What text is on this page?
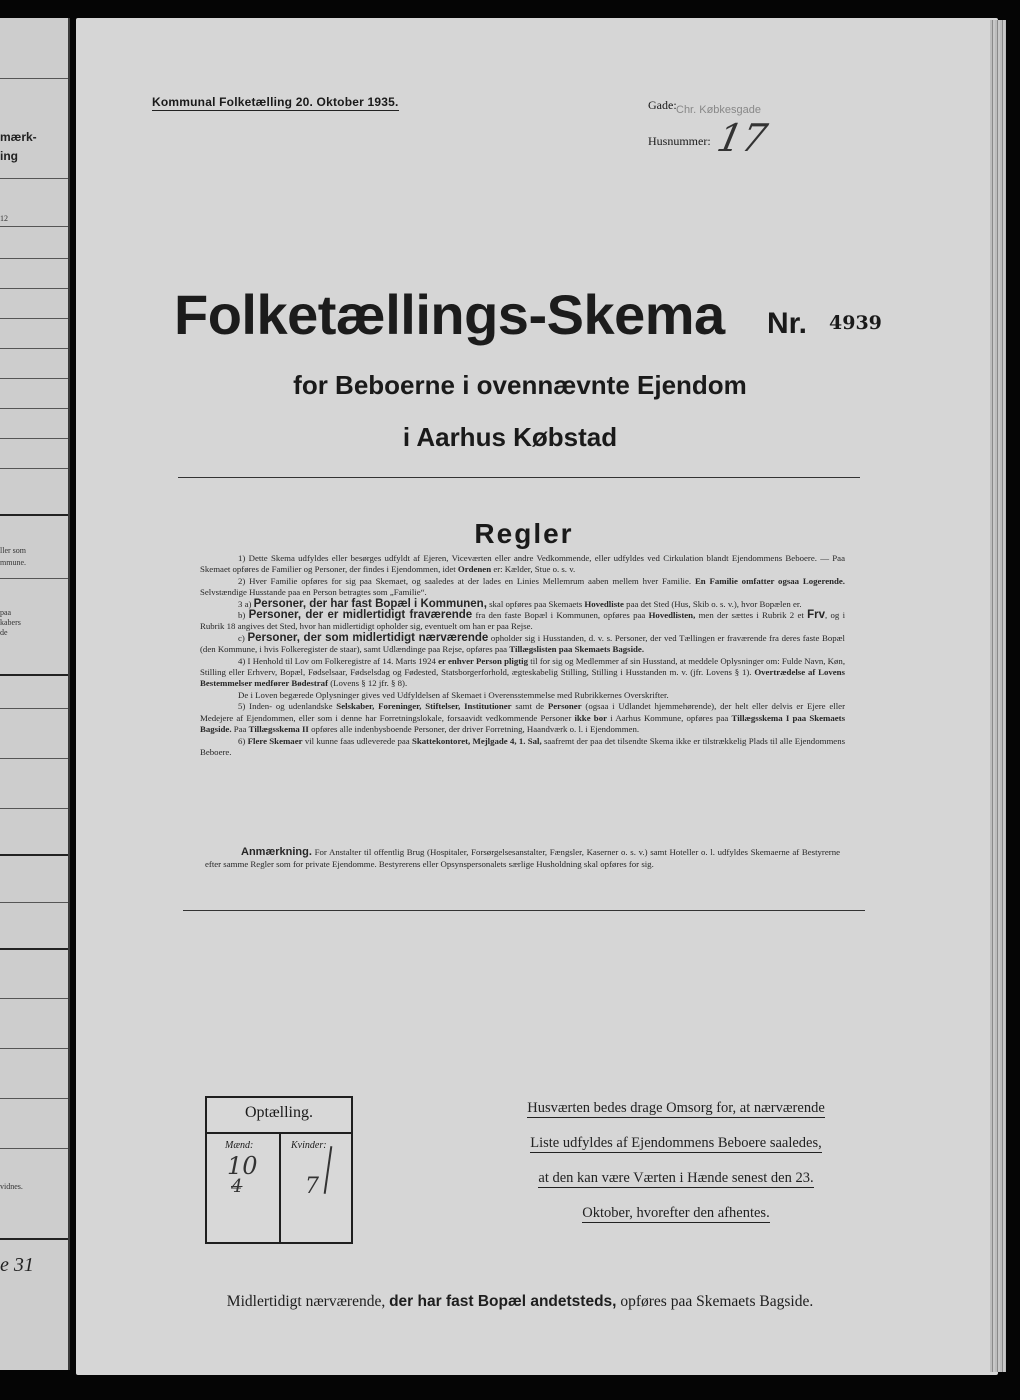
mærk-
ing
12
ller som
mmune.
paa
kabers
de
vidnes.
e 31
Kommunal Folketælling 20. Oktober 1935.	Gade: Chr. Købkesgade
Husnummer: 17
Folketællings-Skema Nr. 4939
for Beboerne i ovennævnte Ejendom
i Aarhus Købstad
Regler

1) Dette Skema udfyldes eller besørges udfyldt af Ejeren, Viceværten eller andre Vedkommende, eller udfyldes ved Cirkulation blandt Ejendommens Beboere. — Paa Skemaet opføres de Familier og Personer, der findes i Ejendommen, idet Ordenen er: Kælder, Stue o. s. v.

2) Hver Familie opføres for sig paa Skemaet, og saaledes at der lades en Linies Mellemrum aaben mellem hver Familie. En Familie omfatter ogsaa Logerende. Selvstændige Husstande paa en Person betragtes som „Familie“.

3 a) Personer, der har fast Bopæl i Kommunen, skal opføres paa Skemaets Hovedliste paa det Sted (Hus, Skib o. s. v.), hvor Bopælen er.

b) Personer, der er midlertidigt fraværende fra den faste Bopæl i Kommunen, opføres paa Hovedlisten, men der sættes i Rubrik 2 et Frv, og i Rubrik 18 angives det Sted, hvor han midlertidigt opholder sig, eventuelt om han er paa Rejse.

c) Personer, der som midlertidigt nærværende opholder sig i Husstanden, d. v. s. Personer, der ved Tællingen er fraværende fra deres faste Bopæl (den Kommune, i hvis Folkeregister de staar), samt Udlændinge paa Rejse, opføres paa Tillægslisten paa Skemaets Bagside.

4) I Henhold til Lov om Folkeregistre af 14. Marts 1924 er enhver Person pligtig til for sig og Medlemmer af sin Husstand, at meddele Oplysninger om: Fulde Navn, Køn, Stilling eller Erhverv, Bopæl, Fødselsaar, Fødselsdag og Fødested, Statsborgerforhold, ægteskabelig Stilling, Stilling i Husstanden m. v. (jfr. Lovens § 1). Overtrædelse af Lovens Bestemmelser medfører Bødestraf (Lovens § 12 jfr. § 8).

De i Loven begærede Oplysninger gives ved Udfyldelsen af Skemaet i Overensstemmelse med Rubrikkernes Overskrifter.

5) Inden- og udenlandske Selskaber, Foreninger, Stiftelser, Institutioner samt de Personer (ogsaa i Udlandet hjemmehørende), der helt eller delvis er Ejere eller Medejere af Ejendommen, eller som i denne har Forretningslokale, forsaavidt vedkommende Personer ikke bor i Aarhus Kommune, opføres paa Tillægsskema I paa Skemaets Bagside. Paa Tillægsskema II opføres alle indenbysboende Personer, der driver Forretning, Haandværk o. l. i Ejendommen.

6) Flere Skemaer vil kunne faas udleverede paa Skattekontoret, Mejlgade 4, 1. Sal, saafremt der paa det tilsendte Skema ikke er tilstrækkelig Plads til alle Ejendommens Beboere.

Anmærkning. For Anstalter til offentlig Brug (Hospitaler, Forsørgelsesanstalter, Fængsler, Kaserner o. s. v.) samt Hoteller o. l. udfyldes Skemaerne af Bestyrerne efter samme Regler som for private Ejendomme. Bestyrerens eller Opsynspersonalets særlige Husholdning skal opføres for sig.

Optælling.
Mænd:	Kvinder:
10
4	7
Husværten bedes drage Omsorg for, at nærværende
Liste udfyldes af Ejendommens Beboere saaledes,
at den kan være Værten i Hænde senest den 23.
Oktober, hvorefter den afhentes.
Midlertidigt nærværende, der har fast Bopæl andetsteds, opføres paa Skemaets Bagside.
